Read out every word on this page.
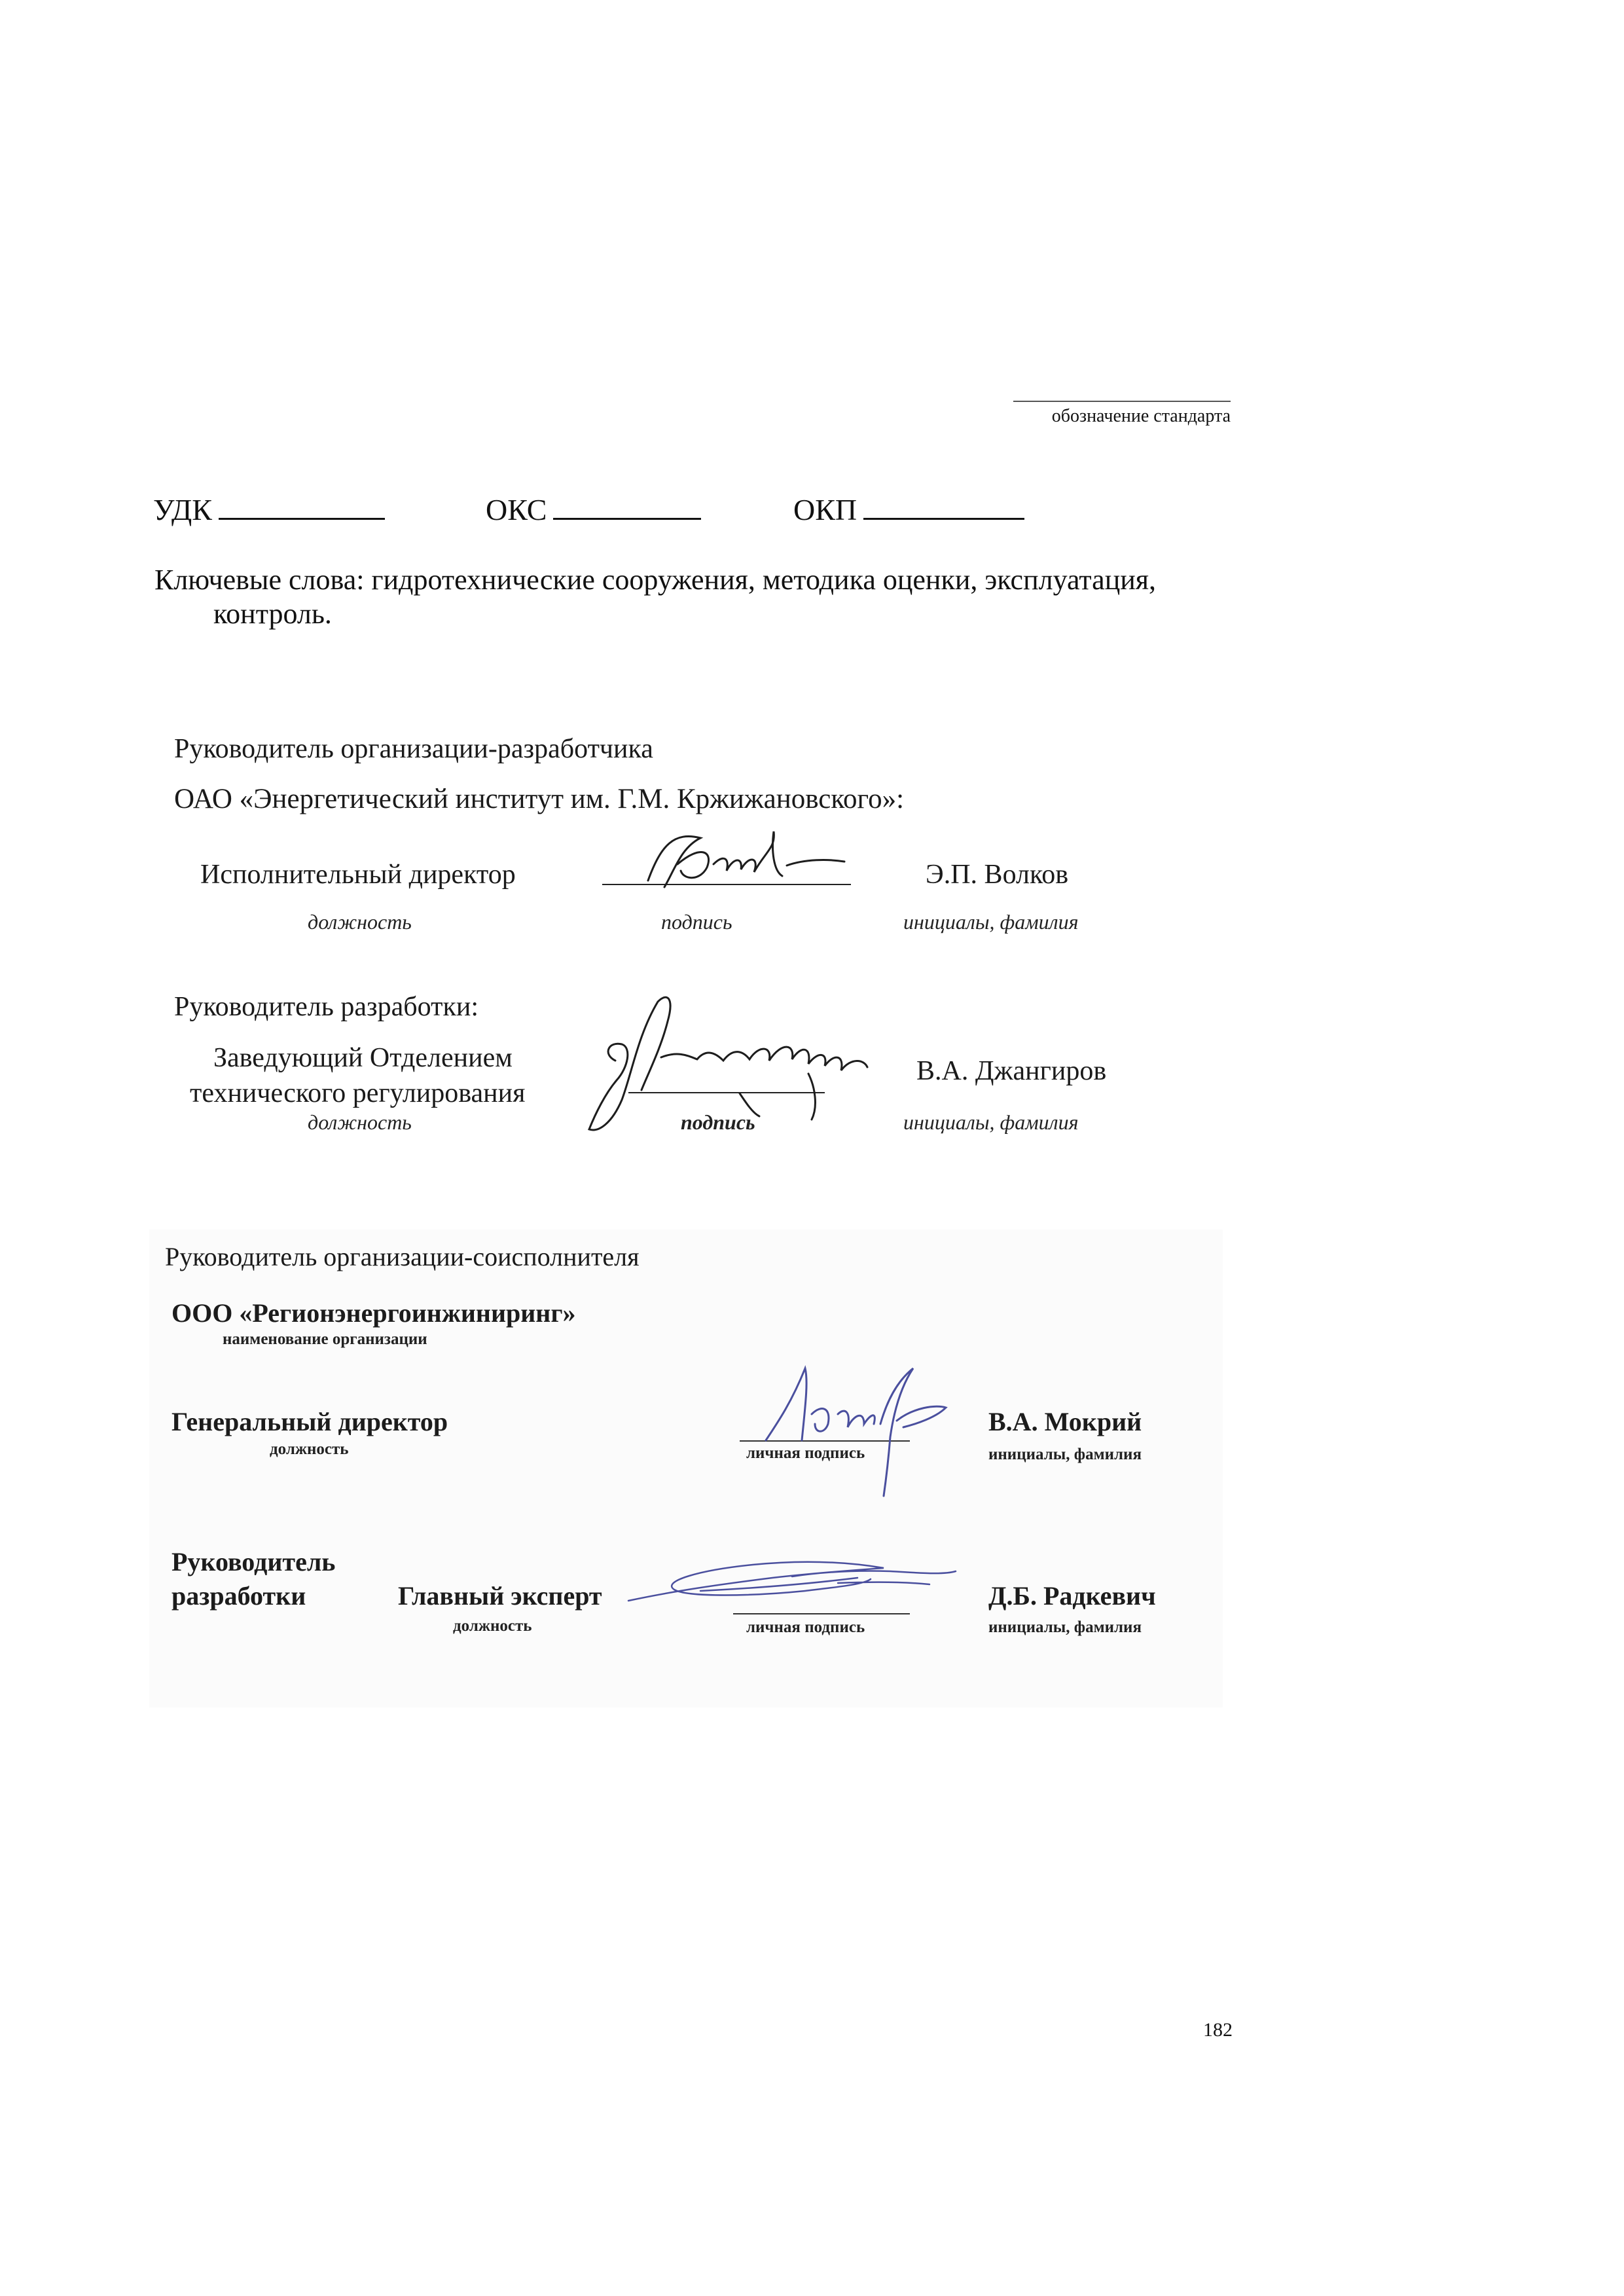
обозначение стандарта
УДК	ОКС	ОКП
Ключевые слова: гидротехнические сооружения, методика оценки, эксплуатация,
контроль.
Руководитель организации-разработчика
ОАО «Энергетический институт им. Г.М. Кржижановского»:
Исполнительный директор	Э.П. Волков
должность	подпись	инициалы, фамилия
Руководитель разработки:
Заведующий Отделением
технического регулирования
В.А. Джангиров
должность	подпись	инициалы, фамилия
Руководитель организации-соисполнителя
ООО «Регионэнергоинжиниринг»
наименование организации
Генеральный директор	В.А. Мокрий
должность	личная подпись	инициалы, фамилия
Руководитель
разработки	Главный эксперт	Д.Б. Радкевич
должность	личная подпись	инициалы, фамилия
182
